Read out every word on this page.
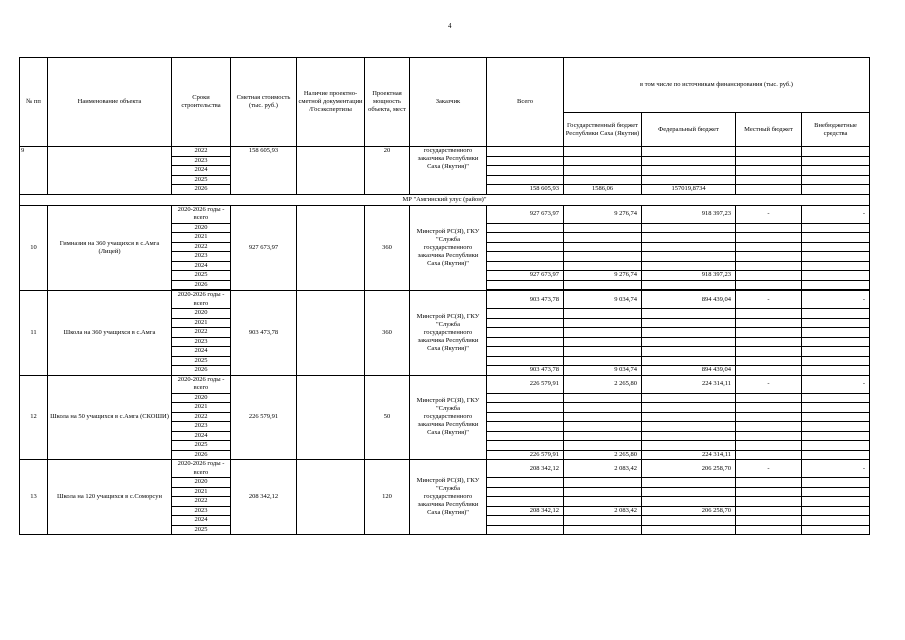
4
№ пп	Наименование объекта	Сроки строительства	Сметная стоимость (тыс. руб.)	Наличие проектно-сметной документации /Госэкспертизы	Проектная мощность объекта, мест	Заказчик	Всего	в том числе по источникам финансирования (тыс. руб.)			
								Государственный бюджет Республики Саха (Якутия)	Федеральный бюджет	Местный бюджет	Внебюджетные средства
9		2022	158 605,93		20	государственного заказчика Республики Саха (Якутия)"					
		2023									
		2024									
		2025									
		2026					158 605,93	1586,06	157019,8734		
МР "Амгинский улус (район)"											
10	Гимназия на 360 учащихся в с.Амга (Лицей)	2020-2026 годы - всего	927 673,97		360	Минстрой РС(Я), ГКУ "Служба государственного заказчика Республики Саха (Якутия)"	927 673,97	9 276,74	918 397,23	-	-
		2020									
		2021									
		2022									
		2023									
		2024									
		2025					927 673,97	9 276,74	918 397,23		
		2026									

11	Школа на 360 учащихся в с.Амга	2020-2026 годы - всего	903 473,78		360	Минстрой РС(Я), ГКУ "Служба государственного заказчика Республики Саха (Якутия)"	903 473,78	9 034,74	894 439,04	-	-
		2020									
		2021									
		2022									
		2023									
		2024									
		2025									
		2026					903 473,78	9 034,74	894 439,04		
12	Школа на 50 учащихся в с.Амга (СКОШИ)	2020-2026 годы - всего	226 579,91		50	Минстрой РС(Я), ГКУ "Служба государственного заказчика Республики Саха (Якутия)"	226 579,91	2 265,80	224 314,11	-	-
		2020									
		2021									
		2022									
		2023									
		2024									
		2025									
		2026					226 579,91	2 265,80	224 314,11		
13	Школа на 120 учащихся в с.Соморсун	2020-2026 годы - всего	208 342,12		120	Минстрой РС(Я), ГКУ "Служба государственного заказчика Республики Саха (Якутия)"	208 342,12	2 083,42	206 258,70	-	-
		2020									
		2021									
		2022									
		2023					208 342,12	2 083,42	206 258,70		
		2024									
		2025									
